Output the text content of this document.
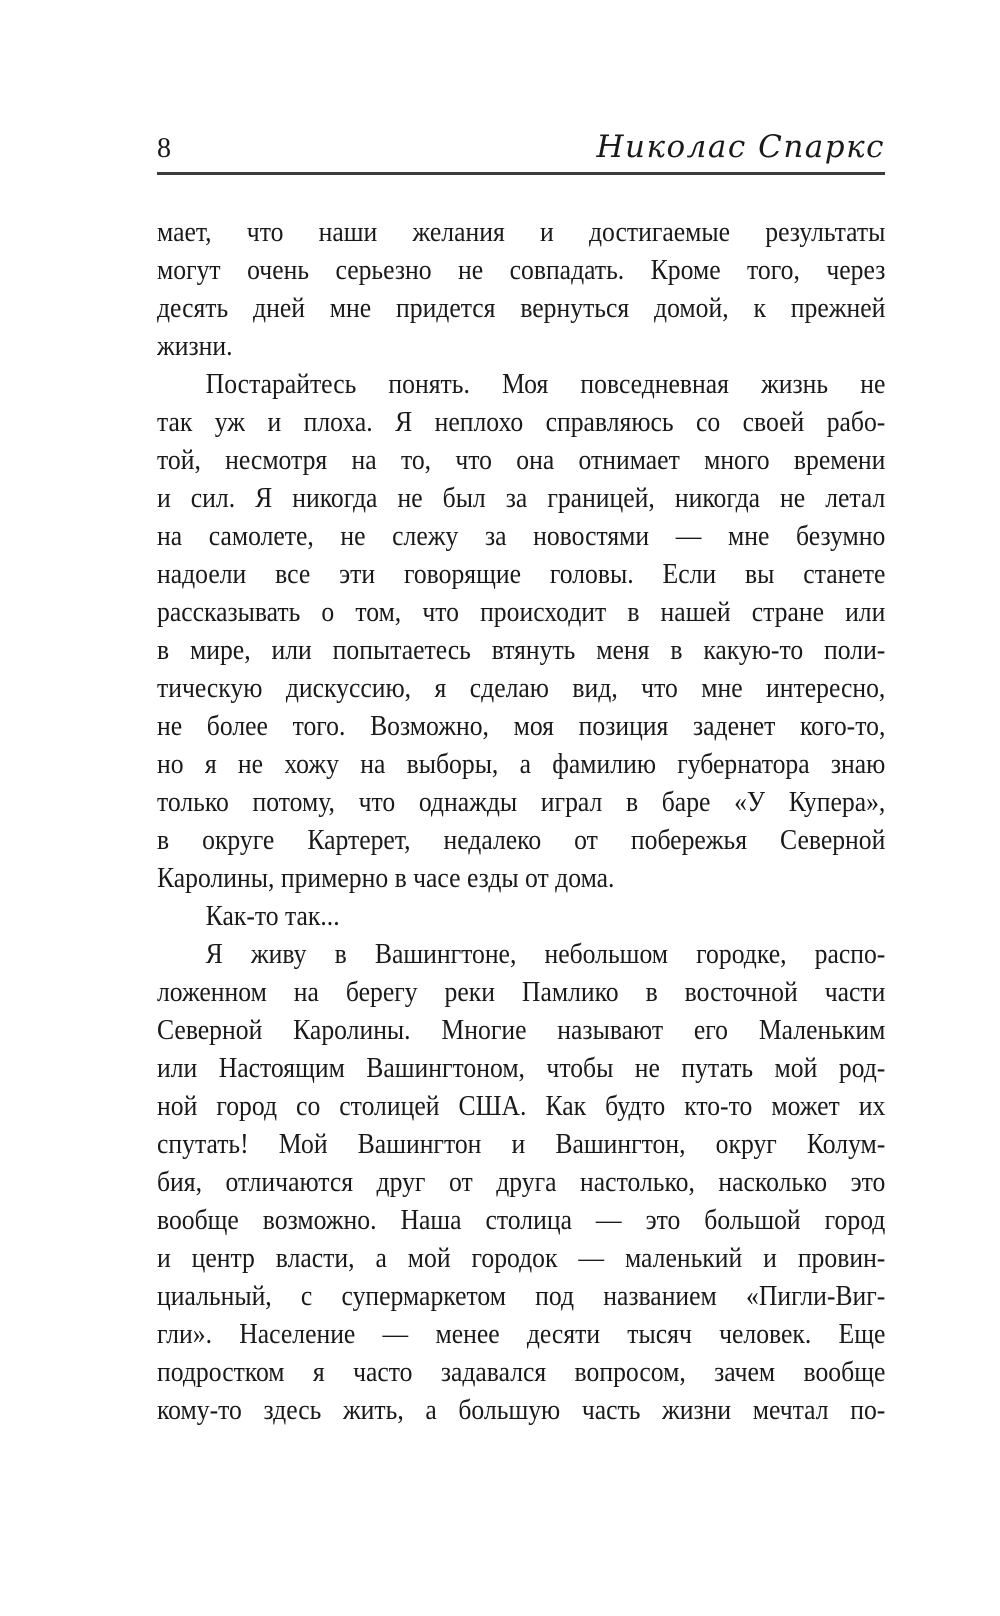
8	Николас Спаркс
мает, что наши желания и достигаемые результаты
могут очень серьезно не совпадать. Кроме того, через
десять дней мне придется вернуться домой, к прежней
жизни.
Постарайтесь понять. Моя повседневная жизнь не
так уж и плоха. Я неплохо справляюсь со своей рабо-
той, несмотря на то, что она отнимает много времени
и сил. Я никогда не был за границей, никогда не летал
на самолете, не слежу за новостями — мне безумно
надоели все эти говорящие головы. Если вы станете
рассказывать о том, что происходит в нашей стране или
в мире, или попытаетесь втянуть меня в какую-то поли-
тическую дискуссию, я сделаю вид, что мне интересно,
не более того. Возможно, моя позиция заденет кого-то,
но я не хожу на выборы, а фамилию губернатора знаю
только потому, что однажды играл в баре «У Купера»,
в округе Картерет, недалеко от побережья Северной
Каролины, примерно в часе езды от дома.
Как-то так...
Я живу в Вашингтоне, небольшом городке, распо-
ложенном на берегу реки Памлико в восточной части
Северной Каролины. Многие называют его Маленьким
или Настоящим Вашингтоном, чтобы не путать мой род-
ной город со столицей США. Как будто кто-то может их
спутать! Мой Вашингтон и Вашингтон, округ Колум-
бия, отличаются друг от друга настолько, насколько это
вообще возможно. Наша столица — это большой город
и центр власти, а мой городок — маленький и провин-
циальный, с супермаркетом под названием «Пигли-Виг-
гли». Население — менее десяти тысяч человек. Еще
подростком я часто задавался вопросом, зачем вообще
кому-то здесь жить, а большую часть жизни мечтал по-
